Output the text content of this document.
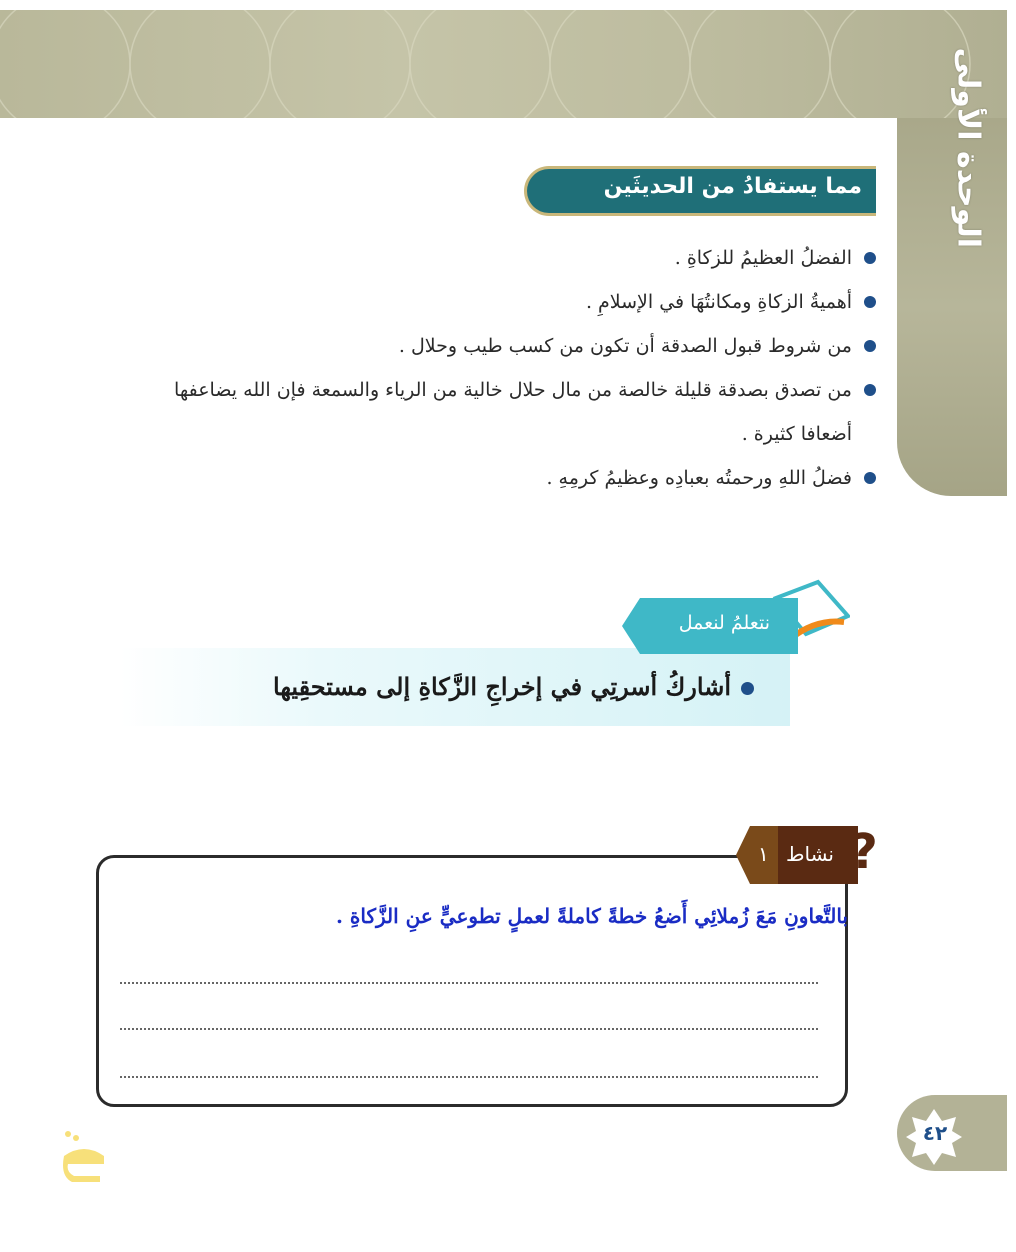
الوحدة الأولى
مما يستفادُ من الحديثَين
الفضلُ العظيمُ للزكاةِ .
أهميةُ الزكاةِ ومكانتُهَا في الإسلامِ .
من شروط قبول الصدقة أن تكون من كسب طيب وحلال .
من تصدق بصدقة قليلة خالصة من مال حلال خالية من الرياء والسمعة فإن الله يضاعفها
أضعافا كثيرة .
فضلُ اللهِ ورحمتُه بعبادِه وعظيمُ كرمِهِ .
نتعلمُ لنعمل
أشاركُ أسرتِي في إخراجِ الزَّكاةِ إلى مستحقِيها
١ نشاط ?
بالتَّعاونِ مَعَ زُملائِي أَضعُ خطةً كاملةً لعملٍ تطوعيٍّ عنِ الزَّكاةِ .
٤٢
